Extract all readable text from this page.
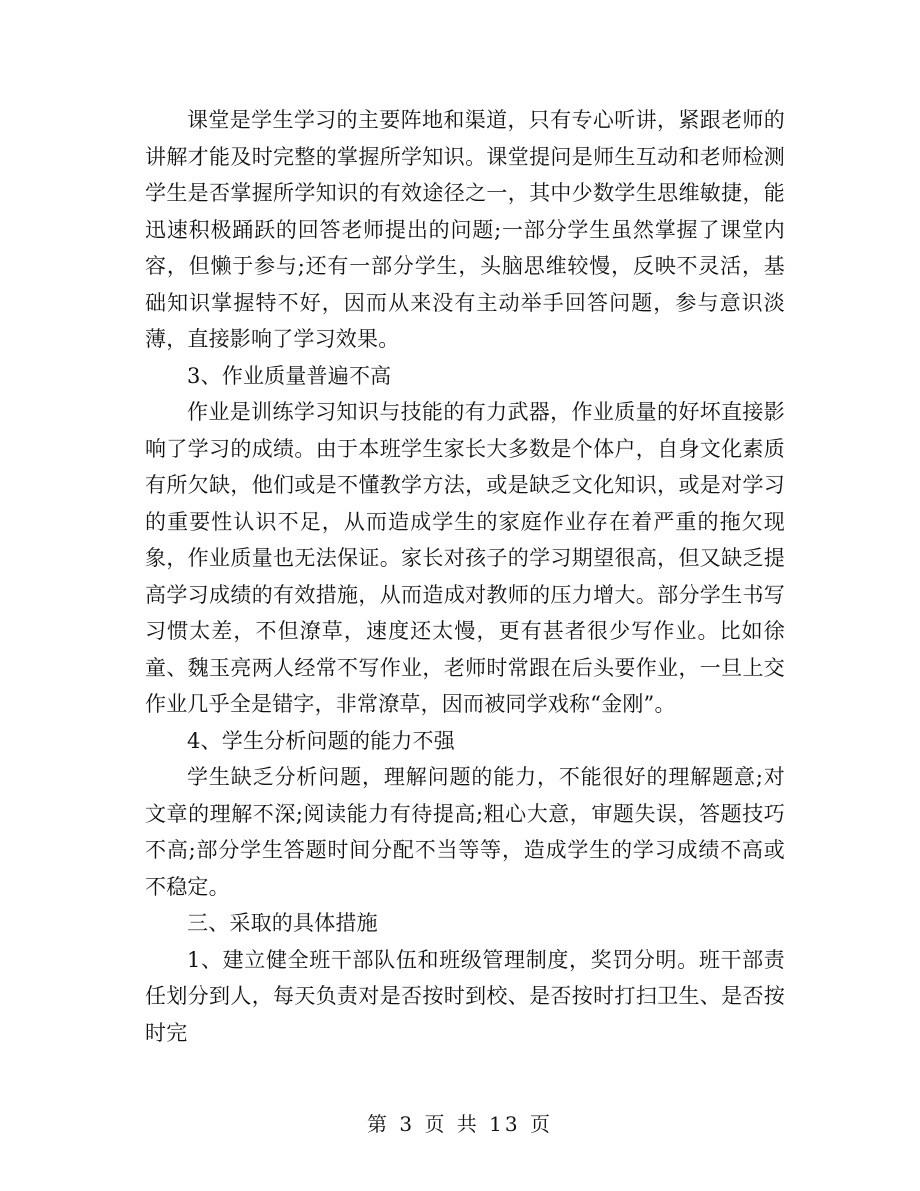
课堂是学生学习的主要阵地和渠道，只有专心听讲，紧跟老师的讲解才能及时完整的掌握所学知识。课堂提问是师生互动和老师检测学生是否掌握所学知识的有效途径之一，其中少数学生思维敏捷，能迅速积极踊跃的回答老师提出的问题;一部分学生虽然掌握了课堂内容，但懒于参与;还有一部分学生，头脑思维较慢，反映不灵活，基础知识掌握特不好，因而从来没有主动举手回答问题，参与意识淡薄，直接影响了学习效果。

3、作业质量普遍不高

作业是训练学习知识与技能的有力武器，作业质量的好坏直接影响了学习的成绩。由于本班学生家长大多数是个体户，自身文化素质有所欠缺，他们或是不懂教学方法，或是缺乏文化知识，或是对学习的重要性认识不足，从而造成学生的家庭作业存在着严重的拖欠现象，作业质量也无法保证。家长对孩子的学习期望很高，但又缺乏提高学习成绩的有效措施，从而造成对教师的压力增大。部分学生书写习惯太差，不但潦草，速度还太慢，更有甚者很少写作业。比如徐童、魏玉亮两人经常不写作业，老师时常跟在后头要作业，一旦上交作业几乎全是错字，非常潦草，因而被同学戏称“金刚”。

4、学生分析问题的能力不强

学生缺乏分析问题，理解问题的能力，不能很好的理解题意;对文章的理解不深;阅读能力有待提高;粗心大意，审题失误，答题技巧不高;部分学生答题时间分配不当等等，造成学生的学习成绩不高或不稳定。

三、采取的具体措施

1、建立健全班干部队伍和班级管理制度，奖罚分明。班干部责任划分到人，每天负责对是否按时到校、是否按时打扫卫生、是否按时完

第 3 页 共 13 页
